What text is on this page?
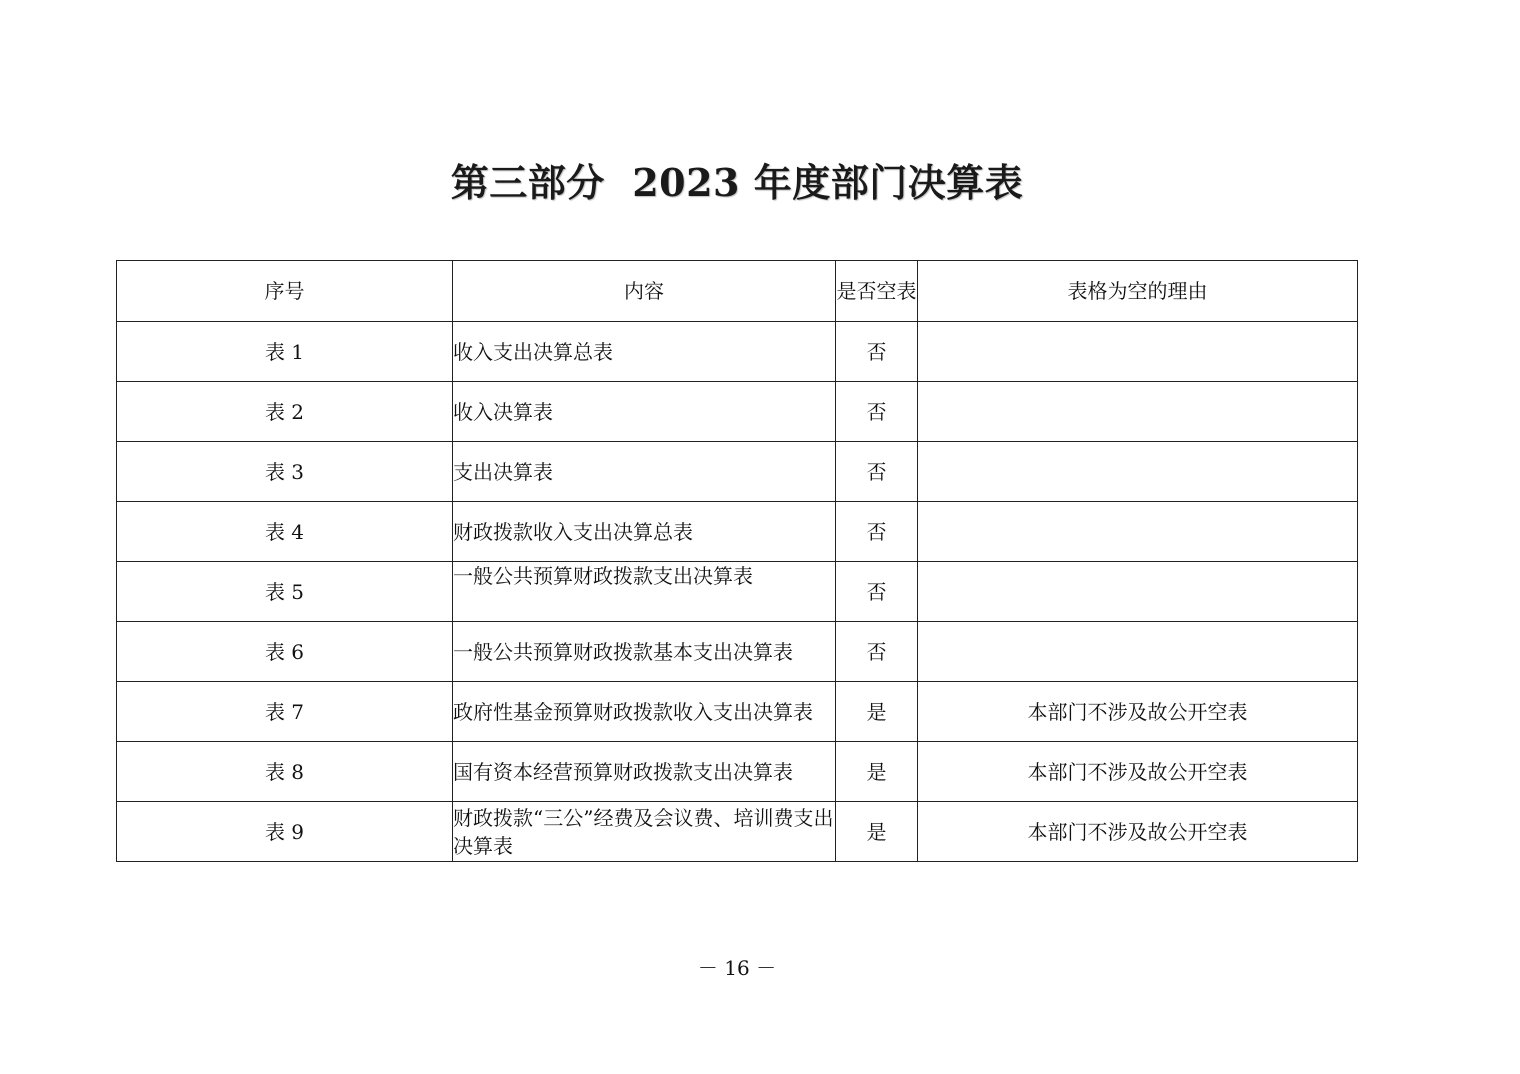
第三部分  2023 年度部门决算表
序号	内容	是否空表	表格为空的理由
表 1	收入支出决算总表	否	
表 2	收入决算表	否	
表 3	支出决算表	否	
表 4	财政拨款收入支出决算总表	否	
表 5	一般公共预算财政拨款支出决算表	否	
表 6	一般公共预算财政拨款基本支出决算表	否	
表 7	政府性基金预算财政拨款收入支出决算表	是	本部门不涉及故公开空表
表 8	国有资本经营预算财政拨款支出决算表	是	本部门不涉及故公开空表
表 9	财政拨款“三公”经费及会议费、培训费支出决算表	是	本部门不涉及故公开空表
－ 16 －
